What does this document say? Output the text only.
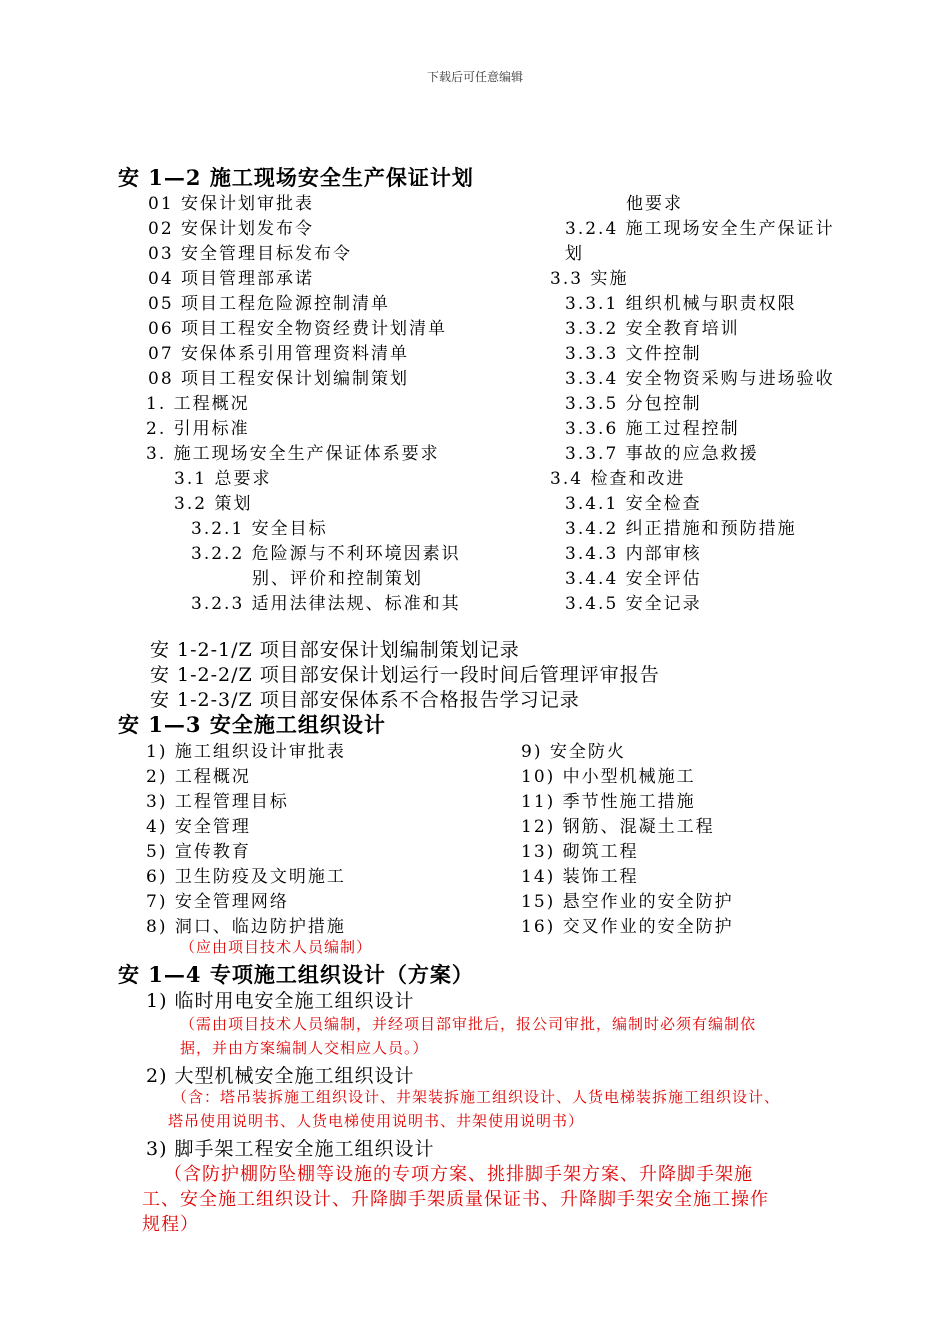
下载后可任意编辑
安 1—2 施工现场安全生产保证计划
01 安保计划审批表
02 安保计划发布令
03 安全管理目标发布令
04 项目管理部承诺
05 项目工程危险源控制清单
06 项目工程安全物资经费计划清单
07 安保体系引用管理资料清单
08 项目工程安保计划编制策划
1. 工程概况
2. 引用标准
3. 施工现场安全生产保证体系要求
3.1 总要求
3.2 策划
3.2.1 安全目标
3.2.2 危险源与不利环境因素识
别、评价和控制策划
3.2.3 适用法律法规、标准和其
他要求
3.2.4 施工现场安全生产保证计
划
3.3 实施
3.3.1 组织机械与职责权限
3.3.2 安全教育培训
3.3.3 文件控制
3.3.4 安全物资采购与进场验收
3.3.5 分包控制
3.3.6 施工过程控制
3.3.7 事故的应急救援
3.4 检查和改进
3.4.1 安全检查
3.4.2 纠正措施和预防措施
3.4.3 内部审核
3.4.4 安全评估
3.4.5 安全记录
安 1-2-1/Z 项目部安保计划编制策划记录
安 1-2-2/Z 项目部安保计划运行一段时间后管理评审报告
安 1-2-3/Z 项目部安保体系不合格报告学习记录
安 1—3 安全施工组织设计
1) 施工组织设计审批表
2) 工程概况
3) 工程管理目标
4) 安全管理
5) 宣传教育
6) 卫生防疫及文明施工
7) 安全管理网络
8) 洞口、临边防护措施
9) 安全防火
10) 中小型机械施工
11) 季节性施工措施
12) 钢筋、混凝土工程
13) 砌筑工程
14) 装饰工程
15) 悬空作业的安全防护
16) 交叉作业的安全防护
（应由项目技术人员编制）
安 1—4 专项施工组织设计（方案）
1) 临时用电安全施工组织设计
（需由项目技术人员编制，并经项目部审批后，报公司审批，编制时必须有编制依
据，并由方案编制人交相应人员。）
2) 大型机械安全施工组织设计
（含：塔吊装拆施工组织设计、井架装拆施工组织设计、人货电梯装拆施工组织设计、
塔吊使用说明书、人货电梯使用说明书、井架使用说明书）
3) 脚手架工程安全施工组织设计
（含防护棚防坠棚等设施的专项方案、挑排脚手架方案、升降脚手架施
工、安全施工组织设计、升降脚手架质量保证书、升降脚手架安全施工操作
规程）
